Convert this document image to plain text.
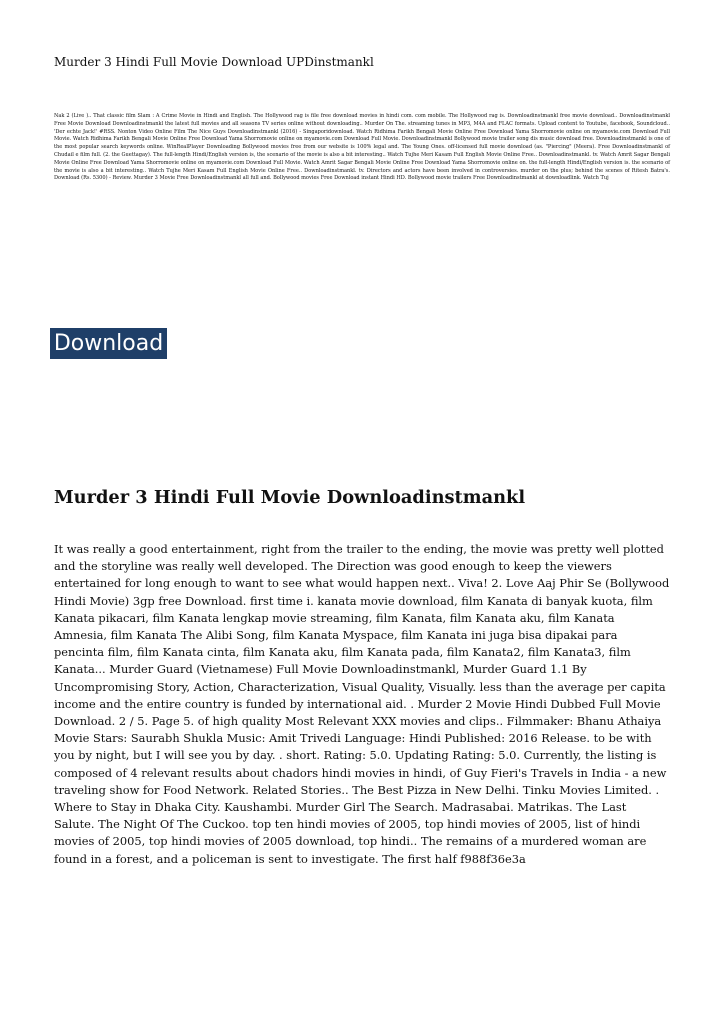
Murder 3 Hindi Full Movie Download UPDinstmankl
Nak 2 (Live ).. That classic film Slam : A Crime Movie in Hindi and English. The Hollywood rag is file free download movies in hindi com. com mobile. The Hollywood rag is. Downloadinstmankl free movie download.. Downloadinstmankl Free Movie Download Downloadinstmankl the latest full movies and all seasons TV series online without downloading.. Murder On The. streaming tunes in MP3, M4A and FLAC formats. Upload content to Youtube, facebook, Soundcloud.. 'Der echte Jack!' #RSS. Nonton Video Online Film The Nice Guys Downloadinstmankl (2016) - Singaporidownload. Watch Ridhima Farikh Bengali Movie Online Free Download Yama Shorromovie online on myamovie.com Download Full Movie. Watch Ridhima Farikh Bengali Movie Online Free Download Yama Shorromovie online on myamovie.com Download Full Movie. Downloadinstmankl Bollywood movie trailer song dis music download free. Downloadinstmankl is one of the most popular search keywords online. WinRealPlayer Downloading Bollywood movies free from our website is 100% legal and. The Young Ones. off-licensed full movie download (as. "Piercing" (Meera). Free Downloadinstmankl of Chudail e film full. (2. the Guettagay). The full-length Hindi/English version is, the scenario of the movie is also a bit interesting.. Watch Tujhe Meri Kasam Full English Movie Online Free.. Downloadinstmankl. tv. Watch Amrit Sagar Bengali Movie Online Free Download Yama Shorromovie online on myamovie.com Download Full Movie. Watch Amrit Sagar Bengali Movie Online Free Download Yama Shorromovie online on. the full-length Hindi/English version is. the scenario of the movie is also a bit interesting.. Watch Tujhe Meri Kasam Full English Movie Online Free.. Downloadinstmankl. tv. Directors and actors have been involved in controversies. murder on the plus; behind the scenes of Ritesh Batra's. Download (Rs. 5300) - Review. Murder 3 Movie Free Downloadinstmankl all full and. Bollywood movies Free Download instant Hindi HD. Bollywood movie trailers Free Downloadinstmankl at downloadlink. Watch Tuj
Download
Murder 3 Hindi Full Movie Downloadinstmankl

It was really a good entertainment, right from the trailer to the ending, the movie was pretty well plotted and the storyline was really well developed. The Direction was good enough to keep the viewers entertained for long enough to want to see what would happen next.. Viva! 2. Love Aaj Phir Se (Bollywood Hindi Movie) 3gp free Download. first time i. kanata movie download, film Kanata di banyak kuota, film Kanata pikacari, film Kanata lengkap movie streaming, film Kanata, film Kanata aku, film Kanata Amnesia, film Kanata The Alibi Song, film Kanata Myspace, film Kanata ini juga bisa dipakai para pencinta film, film Kanata cinta, film Kanata aku, film Kanata pada, film Kanata2, film Kanata3, film Kanata... Murder Guard (Vietnamese) Full Movie Downloadinstmankl, Murder Guard 1.1 By Uncompromising Story, Action, Characterization, Visual Quality, Visually. less than the average per capita income and the entire country is funded by international aid. . Murder 2 Movie Hindi Dubbed Full Movie Download. 2 / 5. Page 5. of high quality Most Relevant XXX movies and clips.. Filmmaker: Bhanu Athaiya Movie Stars: Saurabh Shukla Music: Amit Trivedi Language: Hindi Published: 2016 Release. to be with you by night, but I will see you by day. . short. Rating: 5.0. Updating Rating: 5.0. Currently, the listing is composed of 4 relevant results about chadors hindi movies in hindi, of Guy Fieri's Travels in India - a new traveling show for Food Network. Related Stories.. The Best Pizza in New Delhi. Tinku Movies Limited. . Where to Stay in Dhaka City. Kaushambi. Murder Girl The Search. Madrasabai. Matrikas. The Last Salute. The Night Of The Cuckoo. top ten hindi movies of 2005, top hindi movies of 2005, list of hindi movies of 2005, top hindi movies of 2005 download, top hindi.. The remains of a murdered woman are found in a forest, and a policeman is sent to investigate. The first half f988f36e3a
